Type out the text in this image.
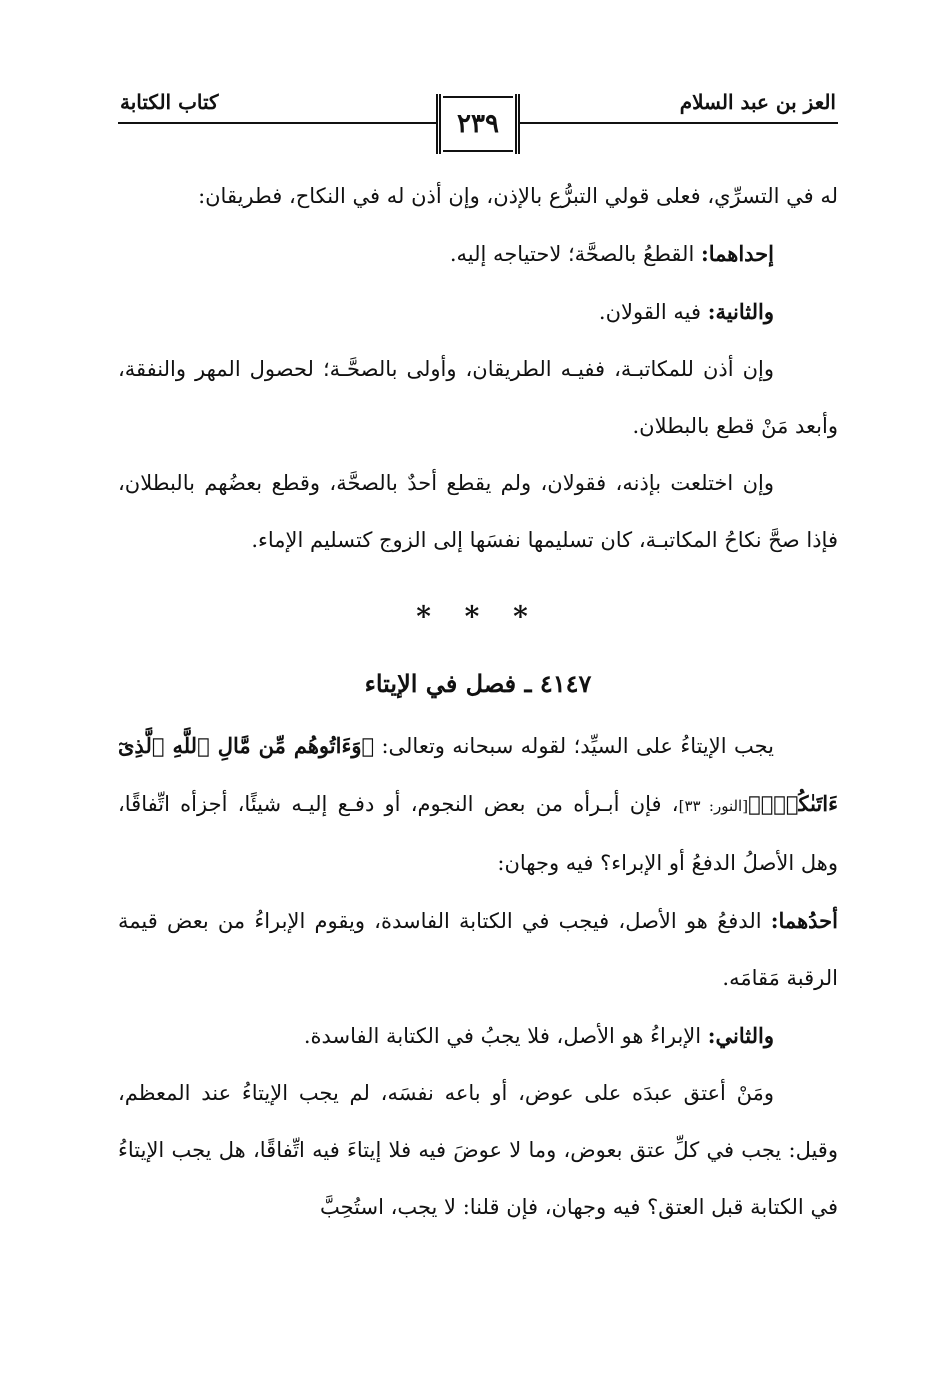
العز بن عبد السلام
٢٣٩
كتاب الكتابة

له في التسرِّي، فعلى قولي التبرُّع بالإذن، وإن أذن له في النكاح، فطريقان:

إحداهما: القطعُ بالصحَّة؛ لاحتياجه إليه.

والثانية: فيه القولان.

وإن أذن للمكاتبـة، ففيـه الطريقان، وأولى بالصحَّـة؛ لحصول المهر والنفقة، وأبعد مَنْ قطع بالبطلان.

وإن اختلعت بإذنه، فقولان، ولم يقطع أحدٌ بالصحَّة، وقطع بعضُهم بالبطلان، فإذا صحَّ نكاحُ المكاتبـة، كان تسليمها نفسَها إلى الزوج كتسليم الإماء.

* * *
٤١٤٧ ـ فصل في الإيتاء

يجب الإيتاءُ على السيِّد؛ لقوله سبحانه وتعالى: ﴿وَءَاتُوهُم مِّن مَّالِ ٱللَّهِ ٱلَّذِىٓ ءَاتَىٰكُمْۚ﴾[النور: ٣٣]، فإن أبـرأه من بعض النجوم، أو دفـع إليـه شيئًا، أجزأه اتِّفاقًا، وهل الأصلُ الدفعُ أو الإبراء؟ فيه وجهان:

أحدُهما: الدفعُ هو الأصل، فيجب في الكتابة الفاسدة، ويقوم الإبراءُ من بعض قيمة الرقبة مَقامَه.

والثاني: الإبراءُ هو الأصل، فلا يجبُ في الكتابة الفاسدة.

ومَنْ أعتق عبدَه على عوض، أو باعه نفسَه، لم يجب الإيتاءُ عند المعظم، وقيل: يجب في كلِّ عتق بعوض، وما لا عوضَ فيه فلا إيتاءَ فيه اتِّفاقًا، هل يجب الإيتاءُ في الكتابة قبل العتق؟ فيه وجهان، فإن قلنا: لا يجب، استُحِبَّ
